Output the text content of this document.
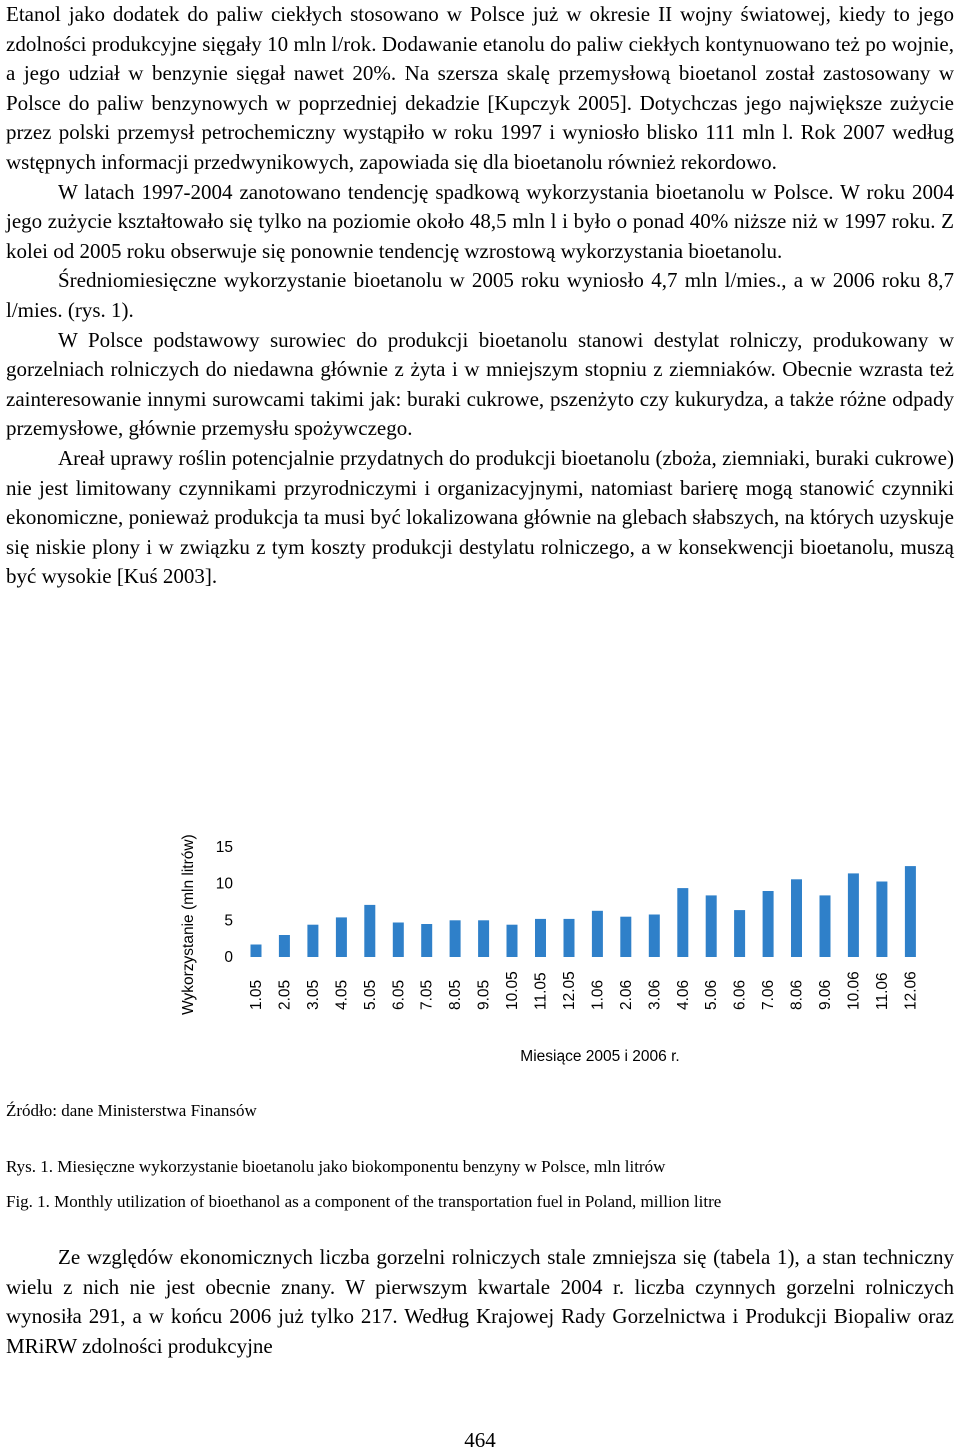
Etanol jako dodatek do paliw ciekłych stosowano w Polsce już w okresie II wojny światowej, kiedy to jego zdolności produkcyjne sięgały 10 mln l/rok. Dodawanie etanolu do paliw ciekłych kontynuowano też po wojnie, a jego udział w benzynie sięgał nawet 20%. Na szersza skalę przemysłową bioetanol został zastosowany w Polsce do paliw benzynowych w poprzedniej dekadzie [Kupczyk 2005]. Dotychczas jego największe zużycie przez polski przemysł petrochemiczny wystąpiło w roku 1997 i wyniosło blisko 111 mln l. Rok 2007 według wstępnych informacji przedwynikowych, zapowiada się dla bioetanolu również rekordowo.

W latach 1997-2004 zanotowano tendencję spadkową wykorzystania bioetanolu w Polsce. W roku 2004 jego zużycie kształtowało się tylko na poziomie około 48,5 mln l i było o ponad 40% niższe niż w 1997 roku. Z kolei od 2005 roku obserwuje się ponownie tendencję wzrostową wykorzystania bioetanolu.

Średniomiesięczne wykorzystanie bioetanolu w 2005 roku wyniosło 4,7 mln l/mies., a w 2006 roku 8,7 l/mies. (rys. 1).

W Polsce podstawowy surowiec do produkcji bioetanolu stanowi destylat rolniczy, produkowany w gorzelniach rolniczych do niedawna głównie z żyta i w mniejszym stopniu z ziemniaków. Obecnie wzrasta też zainteresowanie innymi surowcami takimi jak: buraki cukrowe, pszenżyto czy kukurydza, a także różne odpady przemysłowe, głównie przemysłu spożywczego.

Areał uprawy roślin potencjalnie przydatnych do produkcji bioetanolu (zboża, ziemniaki, buraki cukrowe) nie jest limitowany czynnikami przyrodniczymi i organizacyjnymi, natomiast barierę mogą stanowić czynniki ekonomiczne, ponieważ produkcja ta musi być lokalizowana głównie na glebach słabszych, na których uzyskuje się niskie plony i w związku z tym koszty produkcji destylatu rolniczego, a w konsekwencji bioetanolu, muszą być wysokie [Kuś 2003].

Wykorzystanie (mln litrów) 0
5
10
15
1.05 2.05 3.05 4.05 5.05 6.05 7.05 8.05 9.05 10.05 11.05 12.05 1.06 2.06 3.06 4.06 5.06 6.06 7.06 8.06 9.06 10.06 11.06 12.06
Miesiące 2005 i 2006 r.
Źródło: dane Ministerstwa Finansów
Rys. 1. Miesięczne wykorzystanie bioetanolu jako biokomponentu benzyny w Polsce, mln litrów
Fig. 1. Monthly utilization of bioethanol as a component of the transportation fuel in Poland, million litre

Ze względów ekonomicznych liczba gorzelni rolniczych stale zmniejsza się (tabela 1), a stan techniczny wielu z nich nie jest obecnie znany. W pierwszym kwartale 2004 r. liczba czynnych gorzelni rolniczych wynosiła 291, a w końcu 2006 już tylko 217. Według Krajowej Rady Gorzelnictwa i Produkcji Biopaliw oraz MRiRW zdolności produkcyjne

464
